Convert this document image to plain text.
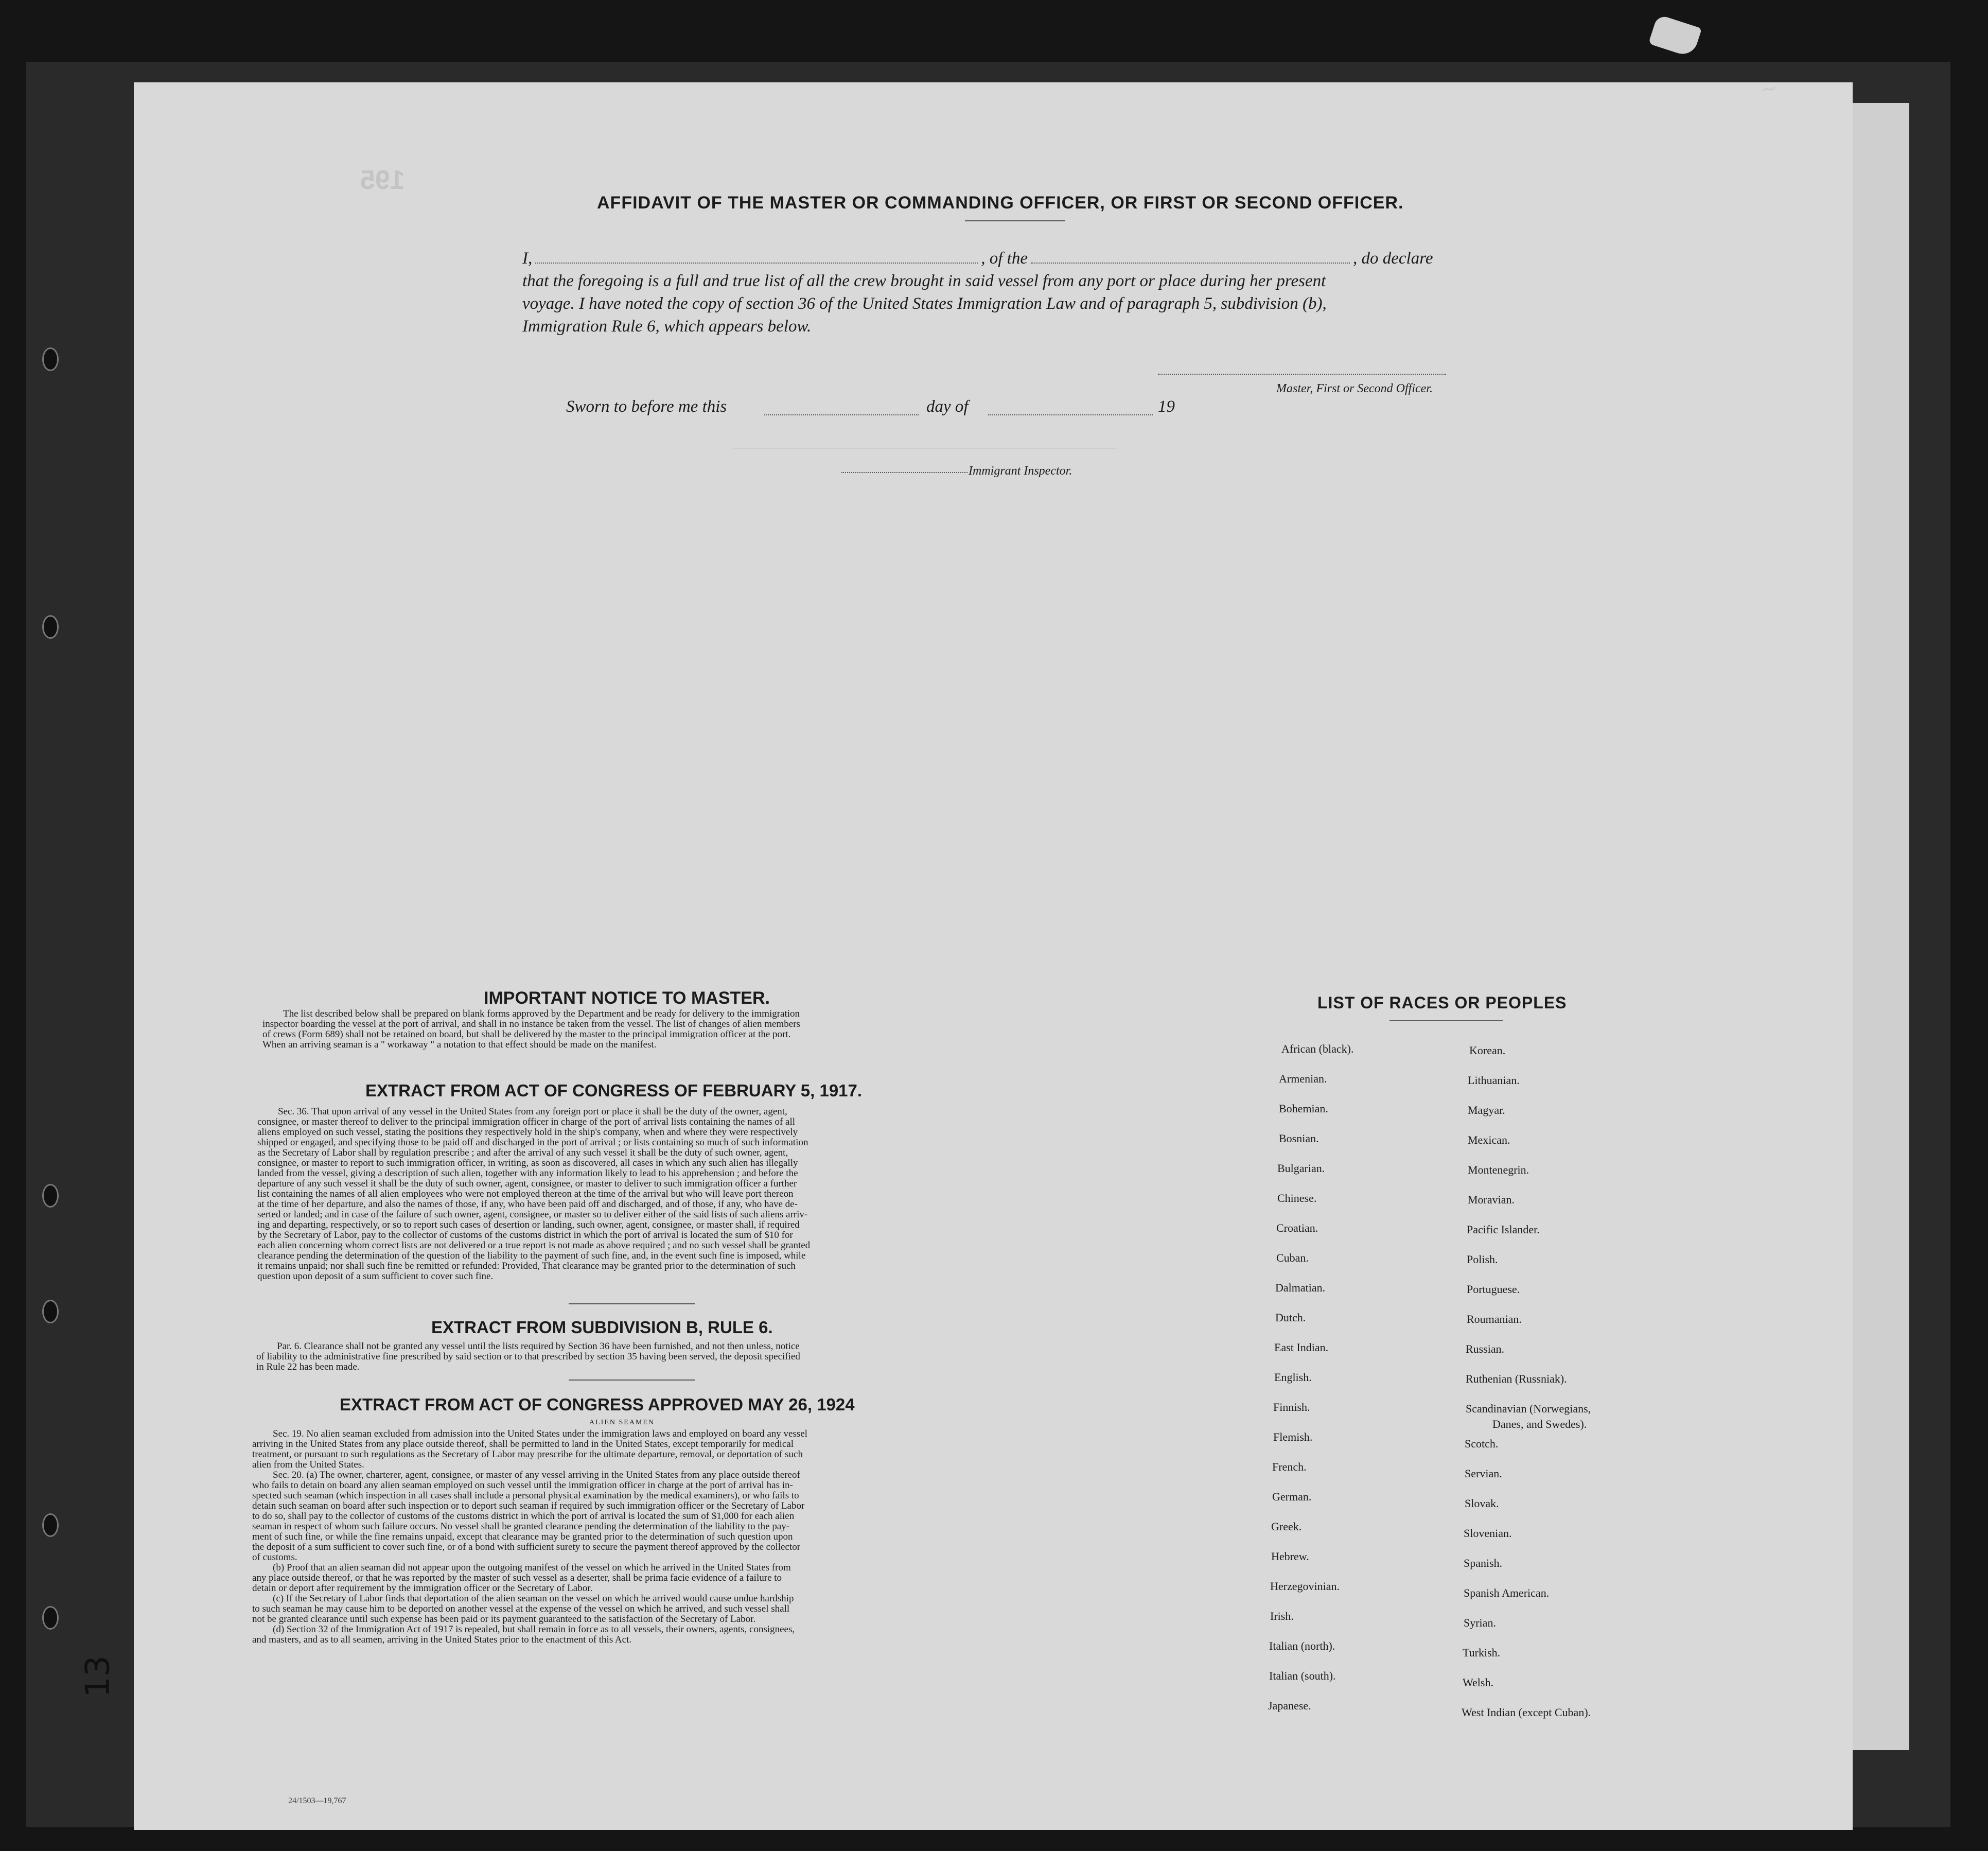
195
AFFIDAVIT OF THE MASTER OR COMMANDING OFFICER, OR FIRST OR SECOND OFFICER.
I,	, of the	, do declare
that the foregoing is a full and true list of all the crew brought in said vessel from any port or place during her present
voyage. I have noted the copy of section 36 of the United States Immigration Law and of paragraph 5, subdivision (b),
Immigration Rule 6, which appears below.
Master, First or Second Officer.
Sworn to before me this	day of	19
Immigrant Inspector.
IMPORTANT NOTICE TO MASTER.
The list described below shall be prepared on blank forms approved by the Department and be ready for delivery to the immigration
inspector boarding the vessel at the port of arrival, and shall in no instance be taken from the vessel. The list of changes of alien members
of crews (Form 689) shall not be retained on board, but shall be delivered by the master to the principal immigration officer at the port.
When an arriving seaman is a " workaway " a notation to that effect should be made on the manifest.
EXTRACT FROM ACT OF CONGRESS OF FEBRUARY 5, 1917.
Sec. 36. That upon arrival of any vessel in the United States from any foreign port or place it shall be the duty of the owner, agent,
consignee, or master thereof to deliver to the principal immigration officer in charge of the port of arrival lists containing the names of all
aliens employed on such vessel, stating the positions they respectively hold in the ship's company, when and where they were respectively
shipped or engaged, and specifying those to be paid off and discharged in the port of arrival ; or lists containing so much of such information
as the Secretary of Labor shall by regulation prescribe ; and after the arrival of any such vessel it shall be the duty of such owner, agent,
consignee, or master to report to such immigration officer, in writing, as soon as discovered, all cases in which any such alien has illegally
landed from the vessel, giving a description of such alien, together with any information likely to lead to his apprehension ; and before the
departure of any such vessel it shall be the duty of such owner, agent, consignee, or master to deliver to such immigration officer a further
list containing the names of all alien employees who were not employed thereon at the time of the arrival but who will leave port thereon
at the time of her departure, and also the names of those, if any, who have been paid off and discharged, and of those, if any, who have de-
serted or landed; and in case of the failure of such owner, agent, consignee, or master so to deliver either of the said lists of such aliens arriv-
ing and departing, respectively, or so to report such cases of desertion or landing, such owner, agent, consignee, or master shall, if required
by the Secretary of Labor, pay to the collector of customs of the customs district in which the port of arrival is located the sum of $10 for
each alien concerning whom correct lists are not delivered or a true report is not made as above required ; and no such vessel shall be granted
clearance pending the determination of the question of the liability to the payment of such fine, and, in the event such fine is imposed, while
it remains unpaid; nor shall such fine be remitted or refunded: Provided, That clearance may be granted prior to the determination of such
question upon deposit of a sum sufficient to cover such fine.
EXTRACT FROM SUBDIVISION B, RULE 6.
Par. 6. Clearance shall not be granted any vessel until the lists required by Section 36 have been furnished, and not then unless, notice
of liability to the administrative fine prescribed by said section or to that prescribed by section 35 having been served, the deposit specified
in Rule 22 has been made.
EXTRACT FROM ACT OF CONGRESS APPROVED MAY 26, 1924
ALIEN SEAMEN
Sec. 19. No alien seaman excluded from admission into the United States under the immigration laws and employed on board any vessel
arriving in the United States from any place outside thereof, shall be permitted to land in the United States, except temporarily for medical
treatment, or pursuant to such regulations as the Secretary of Labor may prescribe for the ultimate departure, removal, or deportation of such
alien from the United States.
Sec. 20. (a) The owner, charterer, agent, consignee, or master of any vessel arriving in the United States from any place outside thereof
who fails to detain on board any alien seaman employed on such vessel until the immigration officer in charge at the port of arrival has in-
spected such seaman (which inspection in all cases shall include a personal physical examination by the medical examiners), or who fails to
detain such seaman on board after such inspection or to deport such seaman if required by such immigration officer or the Secretary of Labor
to do so, shall pay to the collector of customs of the customs district in which the port of arrival is located the sum of $1,000 for each alien
seaman in respect of whom such failure occurs. No vessel shall be granted clearance pending the determination of the liability to the pay-
ment of such fine, or while the fine remains unpaid, except that clearance may be granted prior to the determination of such question upon
the deposit of a sum sufficient to cover such fine, or of a bond with sufficient surety to secure the payment thereof approved by the collector
of customs.
(b) Proof that an alien seaman did not appear upon the outgoing manifest of the vessel on which he arrived in the United States from
any place outside thereof, or that he was reported by the master of such vessel as a deserter, shall be prima facie evidence of a failure to
detain or deport after requirement by the immigration officer or the Secretary of Labor.
(c) If the Secretary of Labor finds that deportation of the alien seaman on the vessel on which he arrived would cause undue hardship
to such seaman he may cause him to be deported on another vessel at the expense of the vessel on which he arrived, and such vessel shall
not be granted clearance until such expense has been paid or its payment guaranteed to the satisfaction of the Secretary of Labor.
(d) Section 32 of the Immigration Act of 1917 is repealed, but shall remain in force as to all vessels, their owners, agents, consignees,
and masters, and as to all seamen, arriving in the United States prior to the enactment of this Act.
LIST OF RACES OR PEOPLES
African (black).
Armenian.
Bohemian.
Bosnian.
Bulgarian.
Chinese.
Croatian.
Cuban.
Dalmatian.
Dutch.
East Indian.
English.
Finnish.
Flemish.
French.
German.
Greek.
Hebrew.
Herzegovinian.
Irish.
Italian (north).
Italian (south).
Japanese.
Korean.
Lithuanian.
Magyar.
Mexican.
Montenegrin.
Moravian.
Pacific Islander.
Polish.
Portuguese.
Roumanian.
Russian.
Ruthenian (Russniak).
Scandinavian (Norwegians,
Danes, and Swedes).
Scotch.
Servian.
Slovak.
Slovenian.
Spanish.
Spanish American.
Syrian.
Turkish.
Welsh.
West Indian (except Cuban).
24/1503—19,767
13
~
